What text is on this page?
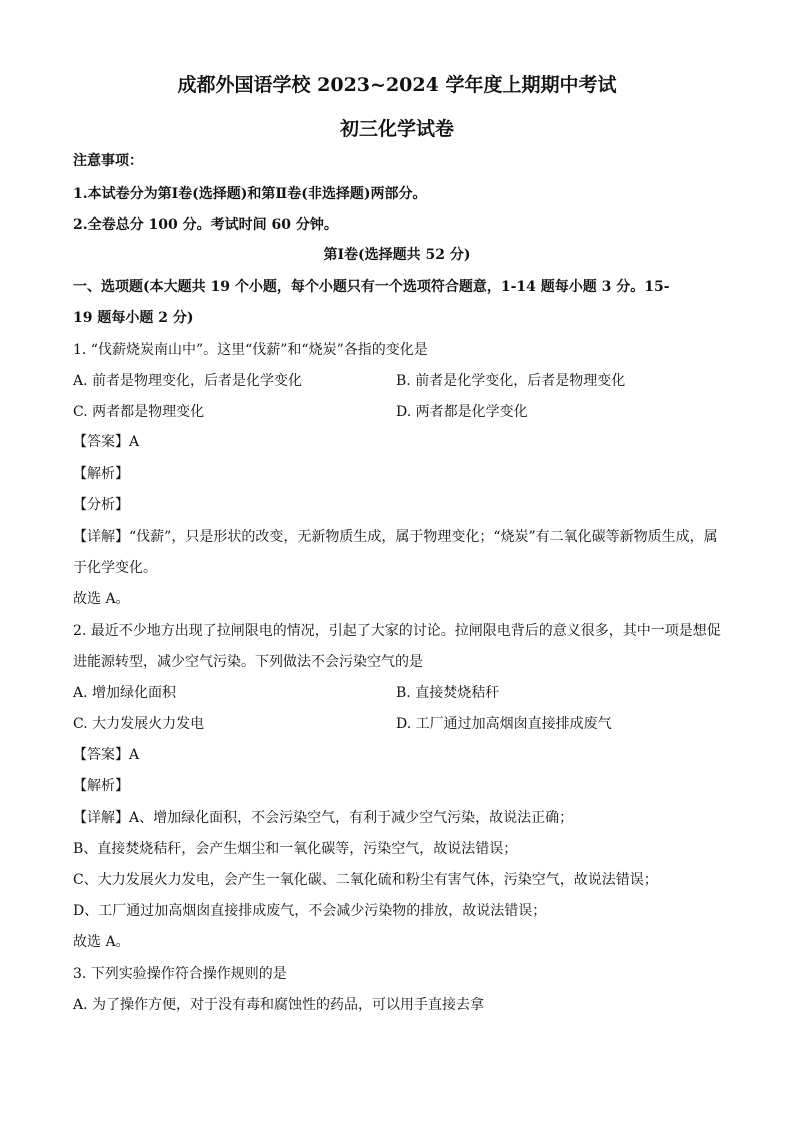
成都外国语学校 2023~2024 学年度上期期中考试
初三化学试卷
注意事项：
1.本试卷分为第Ⅰ卷(选择题)和第Ⅱ卷(非选择题)两部分。
2.全卷总分 100 分。考试时间 60 分钟。
第Ⅰ卷(选择题共 52 分)
一、选项题(本大题共 19 个小题，每个小题只有一个选项符合题意，1-14 题每小题 3 分。15-
19 题每小题 2 分)
1. “伐薪烧炭南山中”。这里“伐薪”和“烧炭”各指的变化是
A. 前者是物理变化，后者是化学变化	B. 前者是化学变化，后者是物理变化
C. 两者都是物理变化	D. 两者都是化学变化
【答案】A
【解析】
【分析】
【详解】“伐薪”，只是形状的改变，无新物质生成，属于物理变化；“烧炭”有二氧化碳等新物质生成，属
于化学变化。
故选 A。
2. 最近不少地方出现了拉闸限电的情况，引起了大家的讨论。拉闸限电背后的意义很多，其中一项是想促
进能源转型，减少空气污染。下列做法不会污染空气的是
A. 增加绿化面积	B. 直接焚烧秸秆
C. 大力发展火力发电	D. 工厂通过加高烟囱直接排成废气
【答案】A
【解析】
【详解】A、增加绿化面积，不会污染空气，有利于减少空气污染，故说法正确；
B、直接焚烧秸秆，会产生烟尘和一氧化碳等，污染空气，故说法错误；
C、大力发展火力发电，会产生一氧化碳、二氧化硫和粉尘有害气体，污染空气，故说法错误；
D、工厂通过加高烟囱直接排成废气，不会减少污染物的排放，故说法错误；
故选 A。
3. 下列实验操作符合操作规则的是
A. 为了操作方便，对于没有毒和腐蚀性的药品，可以用手直接去拿
